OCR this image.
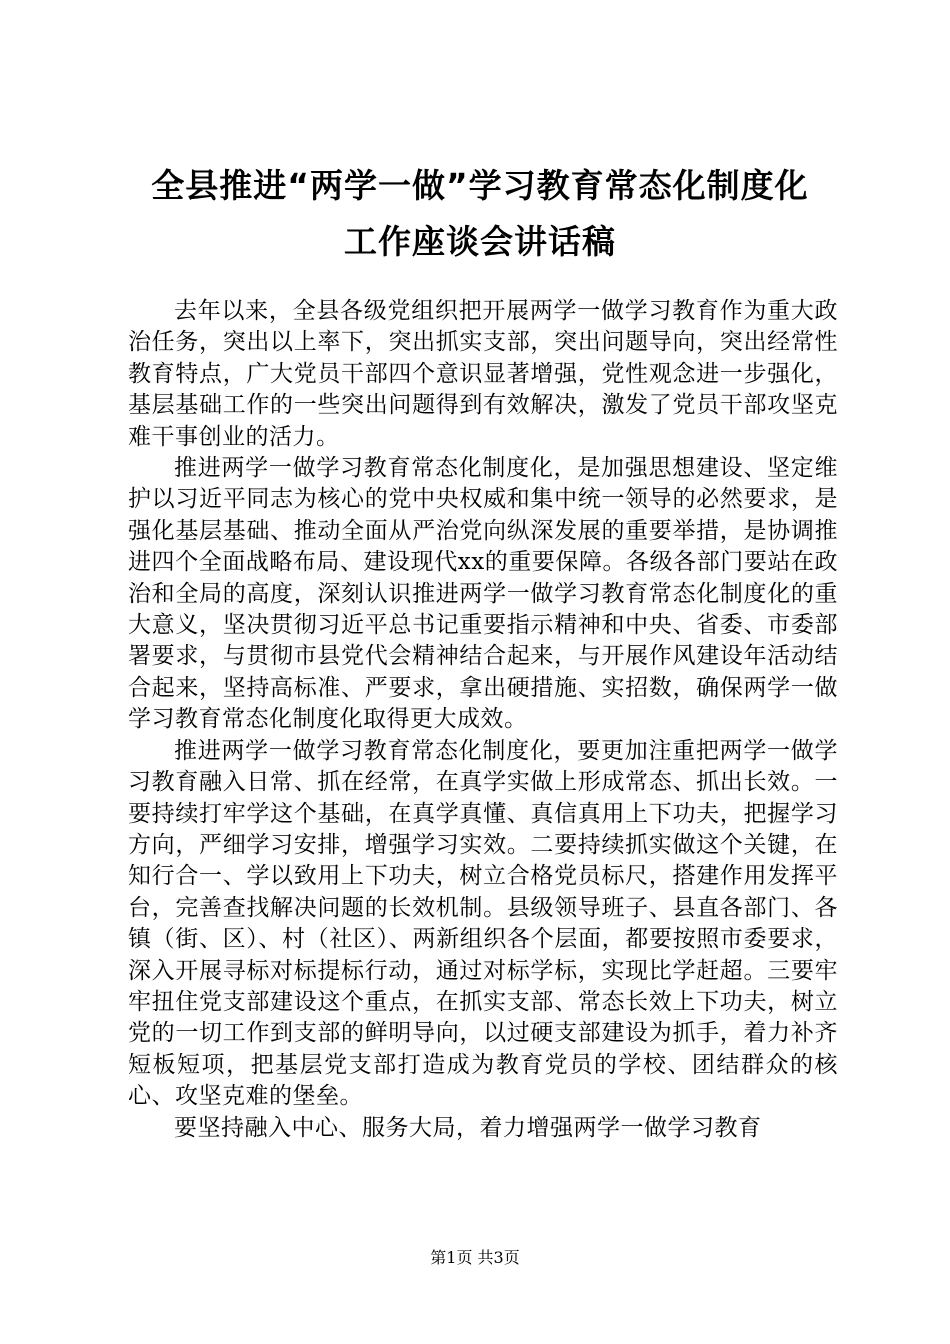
全县推进“两学一做”学习教育常态化制度化
工作座谈会讲话稿

去年以来，全县各级党组织把开展两学一做学习教育作为重大政治任务，突出以上率下，突出抓实支部，突出问题导向，突出经常性教育特点，广大党员干部四个意识显著增强，党性观念进一步强化，基层基础工作的一些突出问题得到有效解决，激发了党员干部攻坚克难干事创业的活力。

推进两学一做学习教育常态化制度化，是加强思想建设、坚定维护以习近平同志为核心的党中央权威和集中统一领导的必然要求，是强化基层基础、推动全面从严治党向纵深发展的重要举措，是协调推进四个全面战略布局、建设现代xx的重要保障。各级各部门要站在政治和全局的高度，深刻认识推进两学一做学习教育常态化制度化的重大意义，坚决贯彻习近平总书记重要指示精神和中央、省委、市委部署要求，与贯彻市县党代会精神结合起来，与开展作风建设年活动结合起来，坚持高标准、严要求，拿出硬措施、实招数，确保两学一做学习教育常态化制度化取得更大成效。

推进两学一做学习教育常态化制度化，要更加注重把两学一做学习教育融入日常、抓在经常，在真学实做上形成常态、抓出长效。一要持续打牢学这个基础，在真学真懂、真信真用上下功夫，把握学习方向，严细学习安排，增强学习实效。二要持续抓实做这个关键，在知行合一、学以致用上下功夫，树立合格党员标尺，搭建作用发挥平台，完善查找解决问题的长效机制。县级领导班子、县直各部门、各镇（街、区）、村（社区）、两新组织各个层面，都要按照市委要求，深入开展寻标对标提标行动，通过对标学标，实现比学赶超。三要牢牢扭住党支部建设这个重点，在抓实支部、常态长效上下功夫，树立党的一切工作到支部的鲜明导向，以过硬支部建设为抓手，着力补齐短板短项，把基层党支部打造成为教育党员的学校、团结群众的核心、攻坚克难的堡垒。

要坚持融入中心、服务大局，着力增强两学一做学习教育

第1页 共3页
